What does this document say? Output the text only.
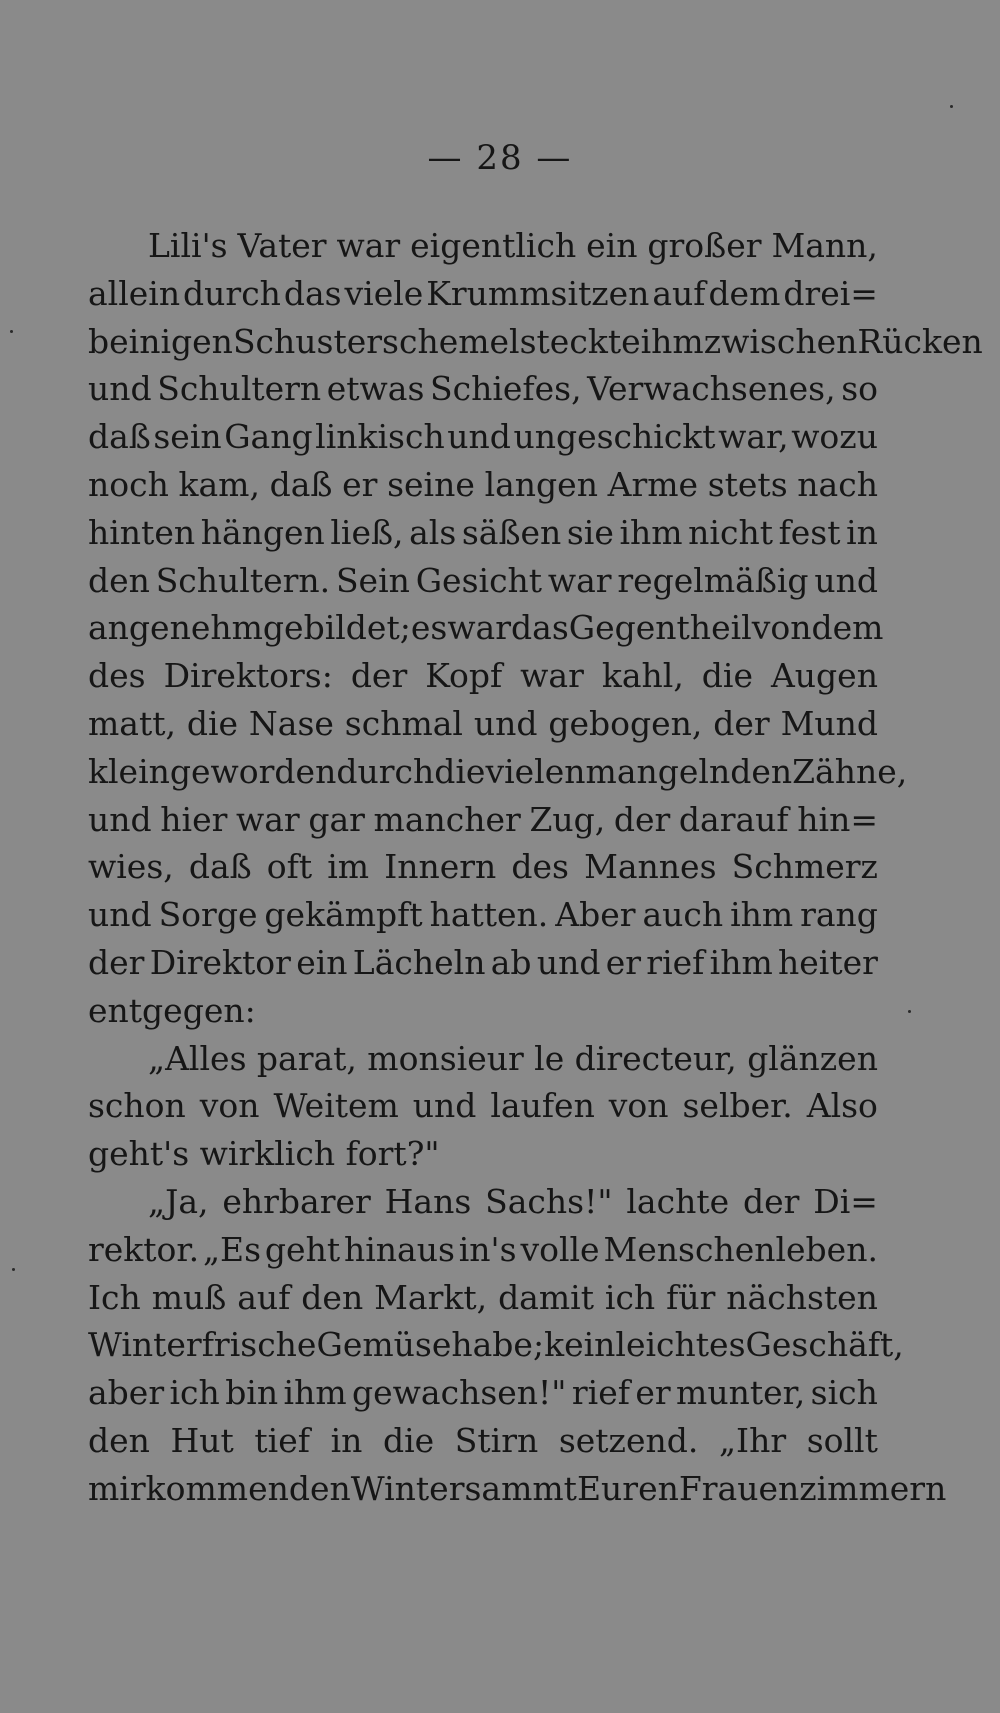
— 28 —
Lili's Vater war eigentlich ein großer Mann,
allein durch das viele Krummsitzen auf dem drei=
beinigen Schusterschemel steckte ihm zwischen Rücken
und Schultern etwas Schiefes, Verwachsenes, so
daß sein Gang linkisch und ungeschickt war, wozu
noch kam, daß er seine langen Arme stets nach
hinten hängen ließ, als säßen sie ihm nicht fest in
den Schultern. Sein Gesicht war regelmäßig und
angenehm gebildet; es war das Gegentheil von dem
des Direktors: der Kopf war kahl, die Augen
matt, die Nase schmal und gebogen, der Mund
klein geworden durch die vielen mangelnden Zähne,
und hier war gar mancher Zug, der darauf hin=
wies, daß oft im Innern des Mannes Schmerz
und Sorge gekämpft hatten. Aber auch ihm rang
der Direktor ein Lächeln ab und er rief ihm heiter
entgegen:
„Alles parat, monsieur le directeur, glänzen
schon von Weitem und laufen von selber. Also
geht's wirklich fort?"
„Ja, ehrbarer Hans Sachs!" lachte der Di=
rektor. „Es geht hinaus in's volle Menschenleben.
Ich muß auf den Markt, damit ich für nächsten
Winter frische Gemüse habe; kein leichtes Geschäft,
aber ich bin ihm gewachsen!" rief er munter, sich
den Hut tief in die Stirn setzend. „Ihr sollt
mir kommenden Winter sammt Euren Frauenzimmern
